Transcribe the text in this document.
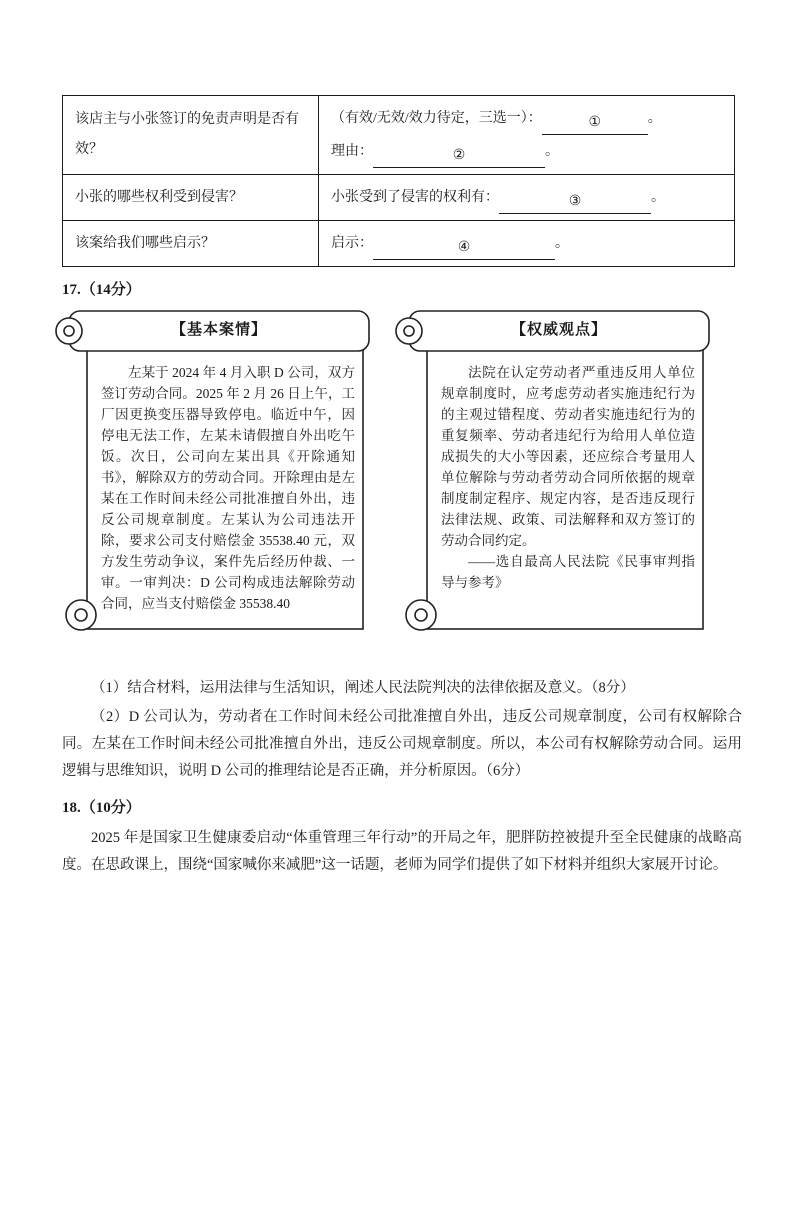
该店主与小张签订的免责声明是否有效？	（有效/无效/效力待定，三选一）： ① 。
理由： ② 。

小张的哪些权利受到侵害？	小张受到了侵害的权利有： ③ 。

该案给我们哪些启示？	启示： ④ 。
17.（14分）
【基本案情】
左某于 2024 年 4 月入职 D 公司，双方签订劳动合同。2025 年 2 月 26 日上午，工厂因更换变压器导致停电。临近中午，因停电无法工作，左某未请假擅自外出吃午饭。次日，公司向左某出具《开除通知书》，解除双方的劳动合同。开除理由是左某在工作时间未经公司批准擅自外出，违反公司规章制度。左某认为公司违法开除，要求公司支付赔偿金 35538.40 元，双方发生劳动争议，案件先后经历仲裁、一审。一审判决：D 公司构成违法解除劳动合同，应当支付赔偿金 35538.40
【权威观点】
法院在认定劳动者严重违反用人单位规章制度时，应考虑劳动者实施违纪行为的主观过错程度、劳动者实施违纪行为的重复频率、劳动者违纪行为给用人单位造成损失的大小等因素，还应综合考量用人单位解除与劳动者劳动合同所依据的规章制度制定程序、规定内容，是否违反现行法律法规、政策、司法解释和双方签订的劳动合同约定。
——选自最高人民法院《民事审判指导与参考》

（1）结合材料，运用法律与生活知识，阐述人民法院判决的法律依据及意义。（8分）

（2）D 公司认为，劳动者在工作时间未经公司批准擅自外出，违反公司规章制度，公司有权解除合同。左某在工作时间未经公司批准擅自外出，违反公司规章制度。所以，本公司有权解除劳动合同。运用逻辑与思维知识，说明 D 公司的推理结论是否正确，并分析原因。（6分）

18.（10分）

2025 年是国家卫生健康委启动“体重管理三年行动”的开局之年，肥胖防控被提升至全民健康的战略高度。在思政课上，围绕“国家喊你来减肥”这一话题，老师为同学们提供了如下材料并组织大家展开讨论。
